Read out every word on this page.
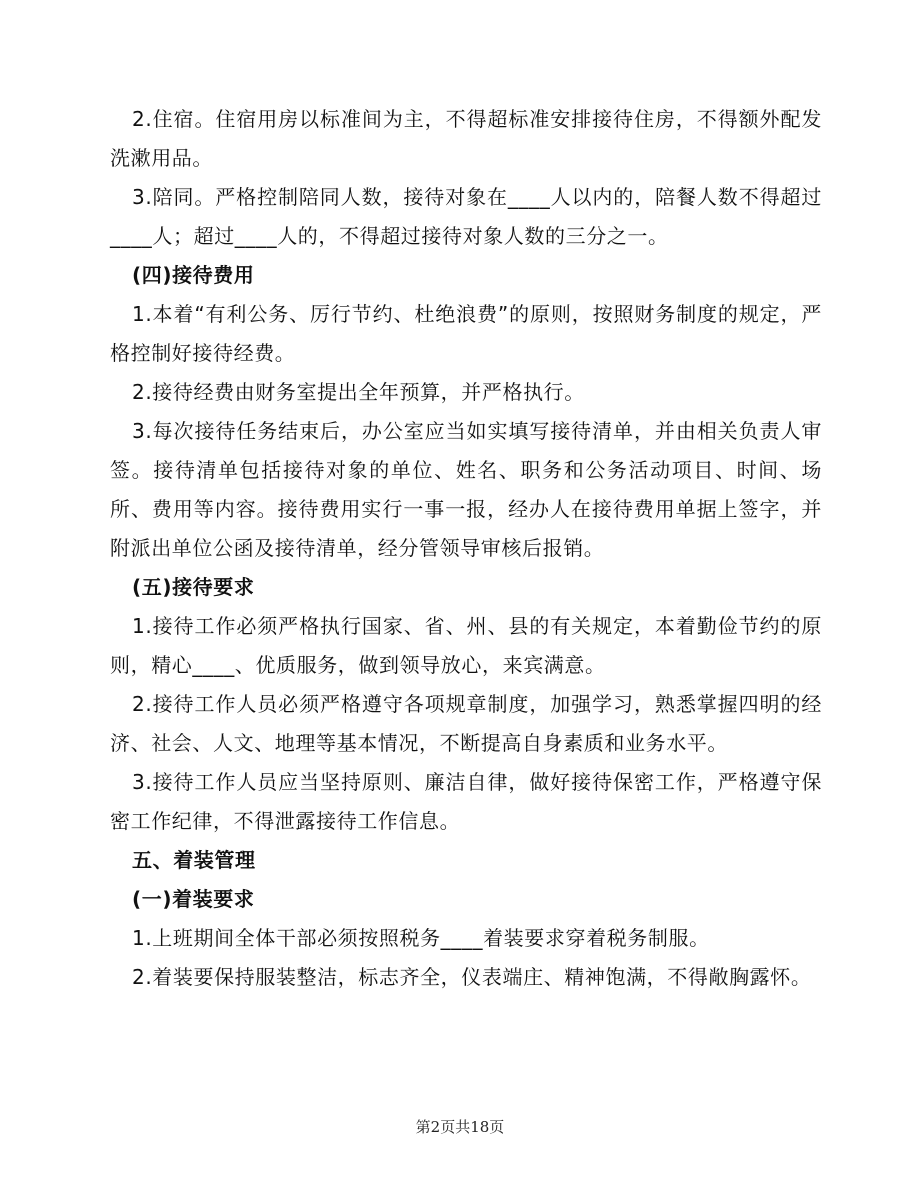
2.住宿。住宿用房以标准间为主，不得超标准安排接待住房，不得额外配发洗漱用品。

3.陪同。严格控制陪同人数，接待对象在____人以内的，陪餐人数不得超过____人；超过____人的，不得超过接待对象人数的三分之一。

(四)接待费用

1.本着“有利公务、厉行节约、杜绝浪费”的原则，按照财务制度的规定，严格控制好接待经费。

2.接待经费由财务室提出全年预算，并严格执行。

3.每次接待任务结束后，办公室应当如实填写接待清单，并由相关负责人审签。接待清单包括接待对象的单位、姓名、职务和公务活动项目、时间、场所、费用等内容。接待费用实行一事一报，经办人在接待费用单据上签字，并附派出单位公函及接待清单，经分管领导审核后报销。

(五)接待要求

1.接待工作必须严格执行国家、省、州、县的有关规定，本着勤俭节约的原则，精心____、优质服务，做到领导放心，来宾满意。

2.接待工作人员必须严格遵守各项规章制度，加强学习，熟悉掌握四明的经济、社会、人文、地理等基本情况，不断提高自身素质和业务水平。

3.接待工作人员应当坚持原则、廉洁自律，做好接待保密工作，严格遵守保密工作纪律，不得泄露接待工作信息。

五、着装管理

(一)着装要求

1.上班期间全体干部必须按照税务____着装要求穿着税务制服。

2.着装要保持服装整洁，标志齐全，仪表端庄、精神饱满，不得敞胸露怀。

第2页共18页
